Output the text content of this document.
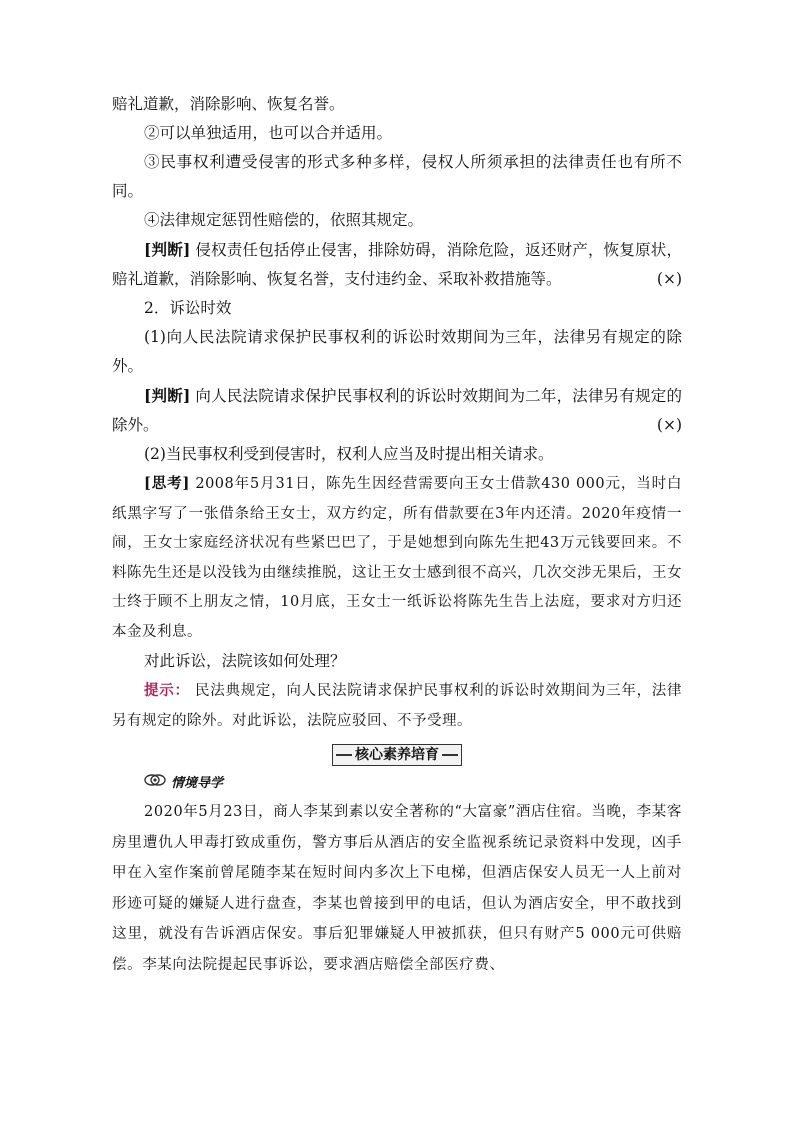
赔礼道歉，消除影响、恢复名誉。

②可以单独适用，也可以合并适用。

③民事权利遭受侵害的形式多种多样，侵权人所须承担的法律责任也有所不同。

④法律规定惩罚性赔偿的，依照其规定。

[判断] 侵权责任包括停止侵害，排除妨碍，消除危险，返还财产，恢复原状，赔礼道歉，消除影响、恢复名誉，支付违约金、采取补救措施等。	(×)

2．诉讼时效

(1)向人民法院请求保护民事权利的诉讼时效期间为三年，法律另有规定的除外。

[判断] 向人民法院请求保护民事权利的诉讼时效期间为二年，法律另有规定的除外。	(×)

(2)当民事权利受到侵害时，权利人应当及时提出相关请求。

[思考] 2008年5月31日，陈先生因经营需要向王女士借款430 000元，当时白纸黑字写了一张借条给王女士，双方约定，所有借款要在3年内还清。2020年疫情一闹，王女士家庭经济状况有些紧巴巴了，于是她想到向陈先生把43万元钱要回来。不料陈先生还是以没钱为由继续推脱，这让王女士感到很不高兴，几次交涉无果后，王女士终于顾不上朋友之情，10月底，王女士一纸诉讼将陈先生告上法庭，要求对方归还本金及利息。

对此诉讼，法院该如何处理？

提示： 民法典规定，向人民法院请求保护民事权利的诉讼时效期间为三年，法律另有规定的除外。对此诉讼，法院应驳回、不予受理。

核心素养培育
情境导学

2020年5月23日，商人李某到素以安全著称的“大富豪”酒店住宿。当晚，李某客房里遭仇人甲毒打致成重伤，警方事后从酒店的安全监视系统记录资料中发现，凶手甲在入室作案前曾尾随李某在短时间内多次上下电梯，但酒店保安人员无一人上前对形迹可疑的嫌疑人进行盘查，李某也曾接到甲的电话，但认为酒店安全，甲不敢找到这里，就没有告诉酒店保安。事后犯罪嫌疑人甲被抓获，但只有财产5 000元可供赔偿。李某向法院提起民事诉讼，要求酒店赔偿全部医疗费、
